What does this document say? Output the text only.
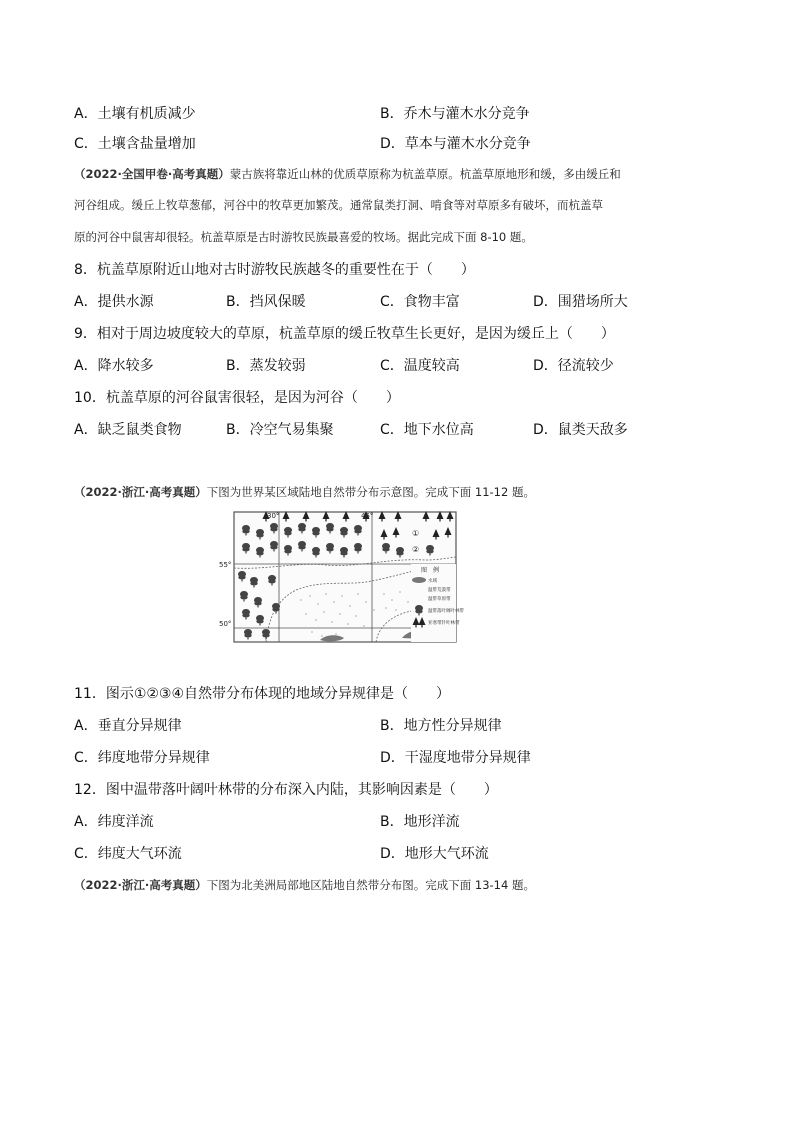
A．土壤有机质减少	B．乔木与灌木水分竞争
C．土壤含盐量增加	D．草本与灌木水分竞争
（2022·全国甲卷·高考真题）蒙古族将靠近山林的优质草原称为杭盖草原。杭盖草原地形和缓，多由缓丘和
河谷组成。缓丘上牧草葱郁，河谷中的牧草更加繁茂。通常鼠类打洞、啃食等对草原多有破坏，而杭盖草
原的河谷中鼠害却很轻。杭盖草原是古时游牧民族最喜爱的牧场。据此完成下面 8-10 题。
8．杭盖草原附近山地对古时游牧民族越冬的重要性在于（　　）
A．提供水源	B．挡风保暖	C．食物丰富	D．围猎场所大
9．相对于周边坡度较大的草原，杭盖草原的缓丘牧草生长更好，是因为缓丘上（　　）
A．降水较多	B．蒸发较弱	C．温度较高	D．径流较少
10．杭盖草原的河谷鼠害很轻，是因为河谷（　　）
A．缺乏鼠类食物	B．冷空气易集聚	C．地下水位高	D．鼠类天敌多
（2022·浙江·高考真题）下图为世界某区域陆地自然带分布示意图。完成下面 11-12 题。
30°	45°
55°
50°
①
②
图　例
水域
温带荒漠带
温带草原带
温带落叶阔叶林带
亚寒带针叶林带
11．图示①②③④自然带分布体现的地域分异规律是（　　）
A．垂直分异规律	B．地方性分异规律
C．纬度地带分异规律	D．干湿度地带分异规律
12．图中温带落叶阔叶林带的分布深入内陆，其影响因素是（　　）
A．纬度洋流	B．地形洋流
C．纬度大气环流	D．地形大气环流
（2022·浙江·高考真题）下图为北美洲局部地区陆地自然带分布图。完成下面 13-14 题。
